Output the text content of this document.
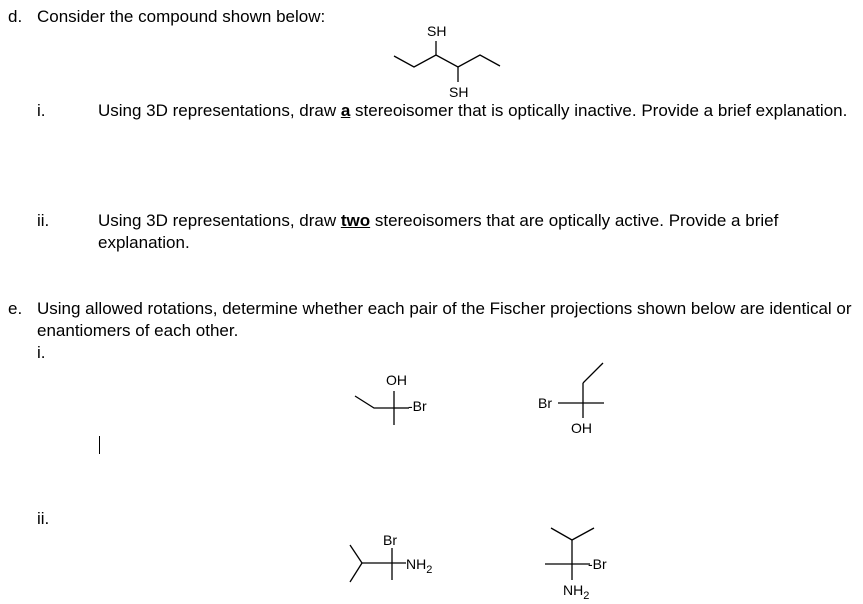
d. Consider the compound shown below:
SH
SH
i.	Using 3D representations, draw a stereoisomer that is optically inactive. Provide a brief explanation.
ii.	Using 3D representations, draw two stereoisomers that are optically active. Provide a brief explanation.
e. Using allowed rotations, determine whether each pair of the Fischer projections shown below are identical or enantiomers of each other.
i.
OH
-Br	Br
OH
ii.
Br
$NH_2$	-Br
$NH_2$
